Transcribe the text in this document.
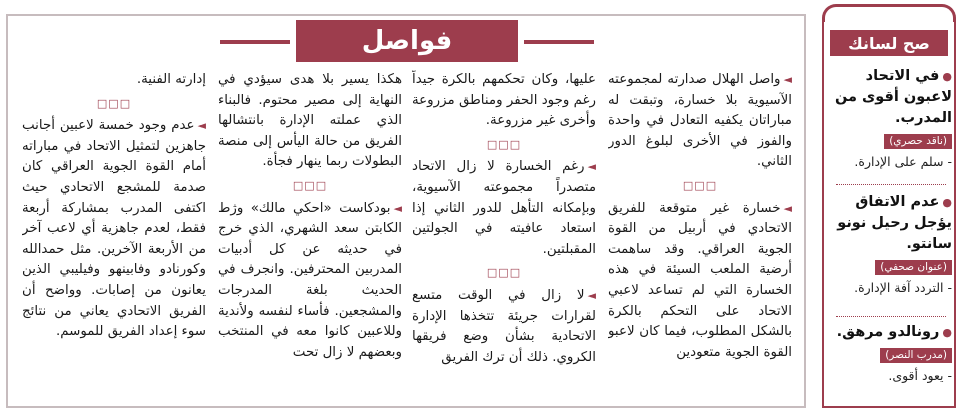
فواصل

◄واصل الهلال صدارته لمجموعته الآسيوية بلا خسارة، وتبقت له مباراتان يكفيه التعادل في واحدة والفوز في الأخرى لبلوغ الدور الثاني.

□□□

◄خسارة غير متوقعة للفريق الاتحادي في أربيل من القوة الجوية العراقي. وقد ساهمت أرضية الملعب السيئة في هذه الخسارة التي لم تساعد لاعبي الاتحاد على التحكم بالكرة بالشكل المطلوب، فيما كان لاعبو القوة الجوية متعودين

عليها، وكان تحكمهم بالكرة جيداً رغم وجود الحفر ومناطق مزروعة وأخرى غير مزروعة.

□□□

◄رغم الخسارة لا زال الاتحاد متصدراً مجموعته الآسيوية، وبإمكانه التأهل للدور الثاني إذا استعاد عافيته في الجولتين المقبلتين.

□□□

◄لا زال في الوقت متسع لقرارات جريئة تتخذها الإدارة الاتحادية بشأن وضع فريقها الكروي. ذلك أن ترك الفريق

هكذا يسير بلا هدى سيؤدي في النهاية إلى مصير محتوم. فالبناء الذي عملته الإدارة بانتشالها الفريق من حالة اليأس إلى منصة البطولات ربما ينهار فجأة.

□□□

◄بودكاست «احكي مالك» وژط الكابتن سعد الشهري، الذي خرج في حديثه عن كل أدبيات المدربين المحترفين. وانجرف في الحديث بلغة المدرجات والمشجعين. فأساء لنفسه ولأندية وللاعبين كانوا معه في المنتخب وبعضهم لا زال تحت

إدارته الفنية.

□□□

◄عدم وجود خمسة لاعبين أجانب جاهزين لتمثيل الاتحاد في مباراته أمام القوة الجوية العراقي كان صدمة للمشجع الاتحادي حيث اكتفى المدرب بمشاركة أربعة فقط، لعدم جاهزية أي لاعب آخر من الأربعة الآخرين. مثل حمدالله وكورنادو وفابينهو وفيليبي الذين يعانون من إصابات. وواضح أن الفريق الاتحادي يعاني من نتائج سوء إعداد الفريق للموسم.

صح لسانك
●في الاتحاد لاعبون أقوى من المدرب.
(ناقد حصري)
- سلم على الإدارة.
●عدم الاتفاق يؤجل رحيل نونو سانتو.
(عنوان صحفي)
- التردد آفة الإدارة.
●رونالدو مرهق.
(مدرب النصر)
- يعود أقوى.
